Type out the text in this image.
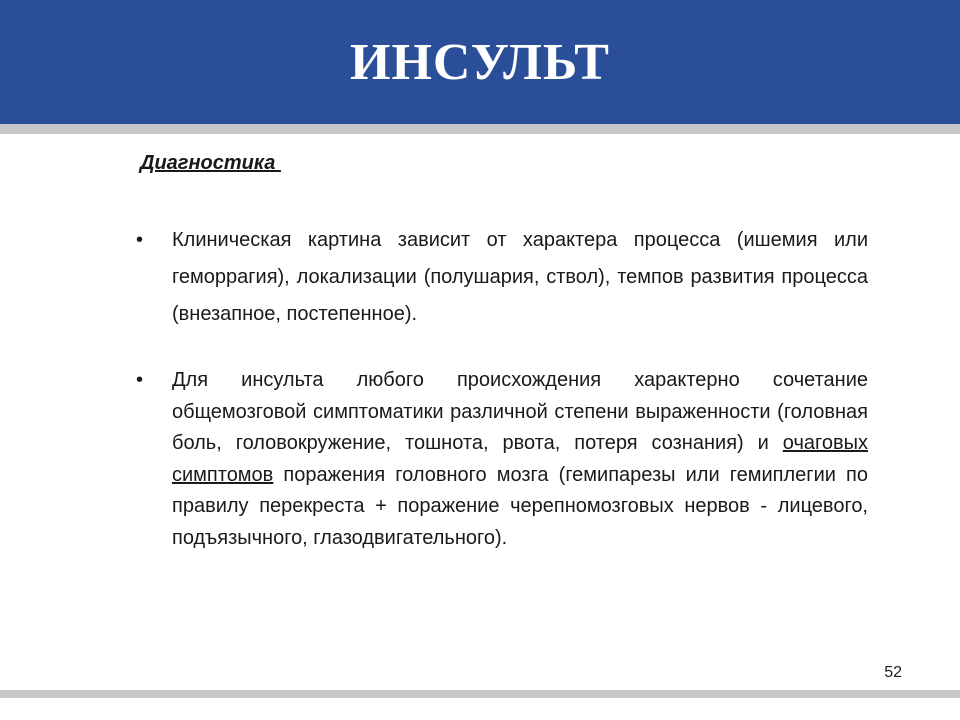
ИНСУЛЬТ
Диагностика
• Клиническая картина зависит от характера процесса (ишемия или геморрагия), локализации (полушария, ствол), темпов развития процесса (внезапное, постепенное).
• Для инсульта любого происхождения характерно сочетание общемозговой симптоматики различной степени выраженности (головная боль, головокружение, тошнота, рвота, потеря сознания) и очаговых симптомов поражения головного мозга (гемипарезы или гемиплегии по правилу перекреста + поражение черепномозговых нервов - лицевого, подъязычного, глазодвигательного).
52
